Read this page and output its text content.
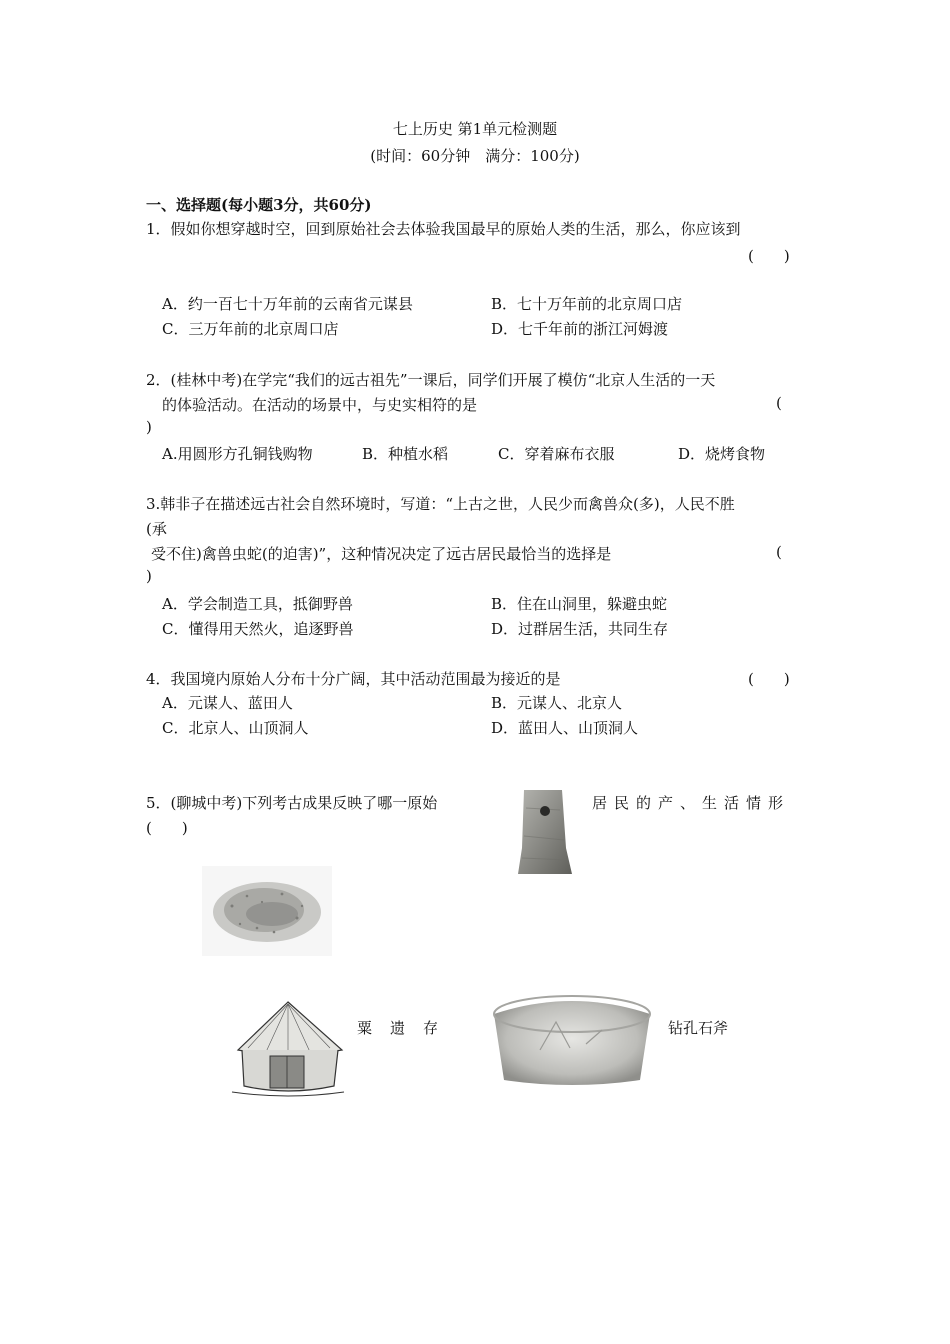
七上历史 第1单元检测题
(时间：60分钟　满分：100分)
一、选择题(每小题3分，共60分)
1．假如你想穿越时空，回到原始社会去体验我国最早的原始人类的生活，那么，你应该到
(　　)
A．约一百七十万年前的云南省元谋县	B．七十万年前的北京周口店
C．三万年前的北京周口店	D．七千年前的浙江河姆渡
2．(桂林中考)在学完“我们的远古祖先”一课后，同学们开展了模仿“北京人生活的一天
的体验活动。在活动的场景中，与史实相符的是	(
)
A.用圆形方孔铜钱购物	B．种植水稻	C．穿着麻布衣服	D．烧烤食物
3.韩非子在描述远古社会自然环境时，写道：“上古之世，人民少而禽兽众(多)，人民不胜
(承
受不住)禽兽虫蛇(的迫害)”，这种情况决定了远古居民最恰当的选择是	(
)
A．学会制造工具，抵御野兽	B．住在山洞里，躲避虫蛇
C．懂得用天然火，追逐野兽	D．过群居生活，共同生存
4．我国境内原始人分布十分广阔，其中活动范围最为接近的是	(　　)
A．元谋人、蓝田人	B．元谋人、北京人
C．北京人、山顶洞人	D．蓝田人、山顶洞人
5．(聊城中考)下列考古成果反映了哪一原始	居民的产、生活情形
(　　)
粟遗存	钻孔石斧
